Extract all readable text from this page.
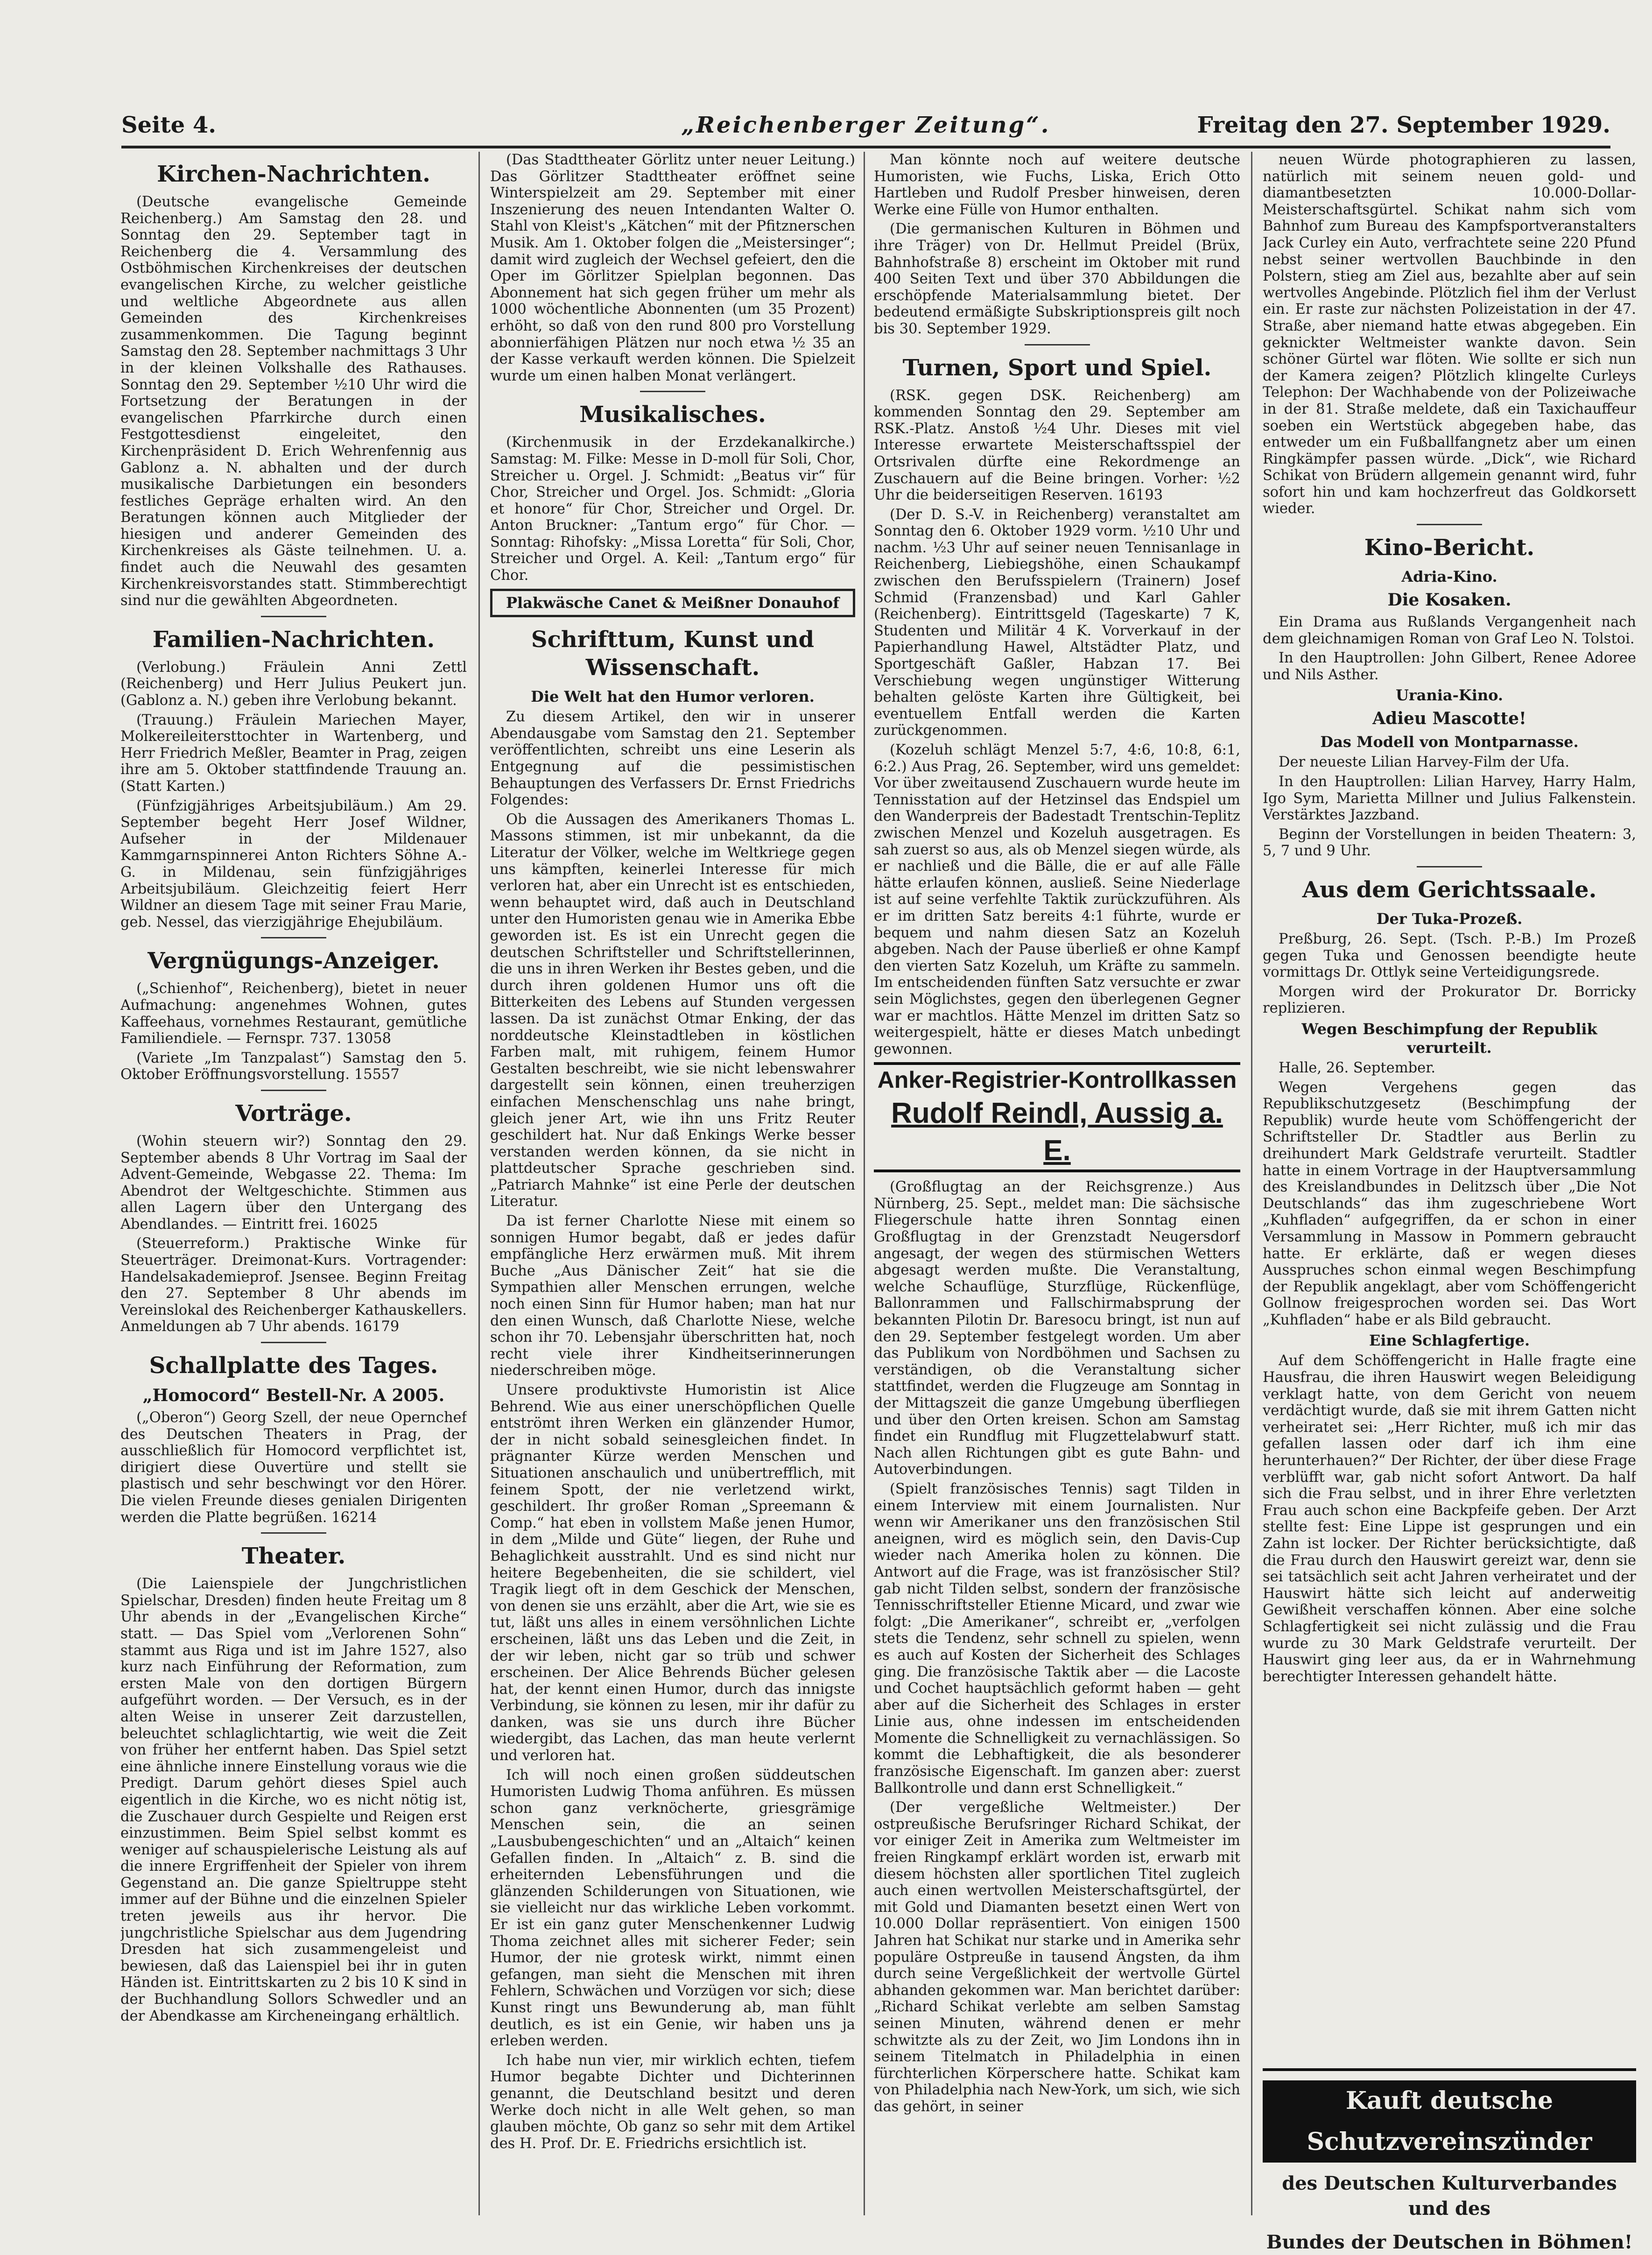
Seite 4.	„Reichenberger Zeitung“.	Freitag den 27. September 1929.
Kirchen-Nachrichten.

(Deutsche evangelische Gemeinde Reichenberg.) Am Samstag den 28. und Sonntag den 29. September tagt in Reichenberg die 4. Versammlung des Ostböhmischen Kirchenkreises der deutschen evangelischen Kirche, zu welcher geistliche und weltliche Abgeordnete aus allen Gemeinden des Kirchenkreises zusammenkommen. Die Tagung beginnt Samstag den 28. September nachmittags 3 Uhr in der kleinen Volkshalle des Rathauses. Sonntag den 29. September ½10 Uhr wird die Fortsetzung der Beratungen in der evangelischen Pfarrkirche durch einen Festgottesdienst eingeleitet, den Kirchenpräsident D. Erich Wehrenfennig aus Gablonz a. N. abhalten und der durch musikalische Darbietungen ein besonders festliches Gepräge erhalten wird. An den Beratungen können auch Mitglieder der hiesigen und anderer Gemeinden des Kirchenkreises als Gäste teilnehmen. U. a. findet auch die Neuwahl des gesamten Kirchenkreisvorstandes statt. Stimmberechtigt sind nur die gewählten Abgeordneten.

Familien-Nachrichten.

(Verlobung.) Fräulein Anni Zettl (Reichenberg) und Herr Julius Peukert jun. (Gablonz a. N.) geben ihre Verlobung bekannt.

(Trauung.) Fräulein Mariechen Mayer, Molkereileitersttochter in Wartenberg, und Herr Friedrich Meßler, Beamter in Prag, zeigen ihre am 5. Oktober stattfindende Trauung an. (Statt Karten.)

(Fünfzigjähriges Arbeitsjubiläum.) Am 29. September begeht Herr Josef Wildner, Aufseher in der Mildenauer Kammgarnspinnerei Anton Richters Söhne A.-G. in Mildenau, sein fünfzigjähriges Arbeitsjubiläum. Gleichzeitig feiert Herr Wildner an diesem Tage mit seiner Frau Marie, geb. Nessel, das vierzigjährige Ehejubiläum.

Vergnügungs-Anzeiger.

(„Schienhof“, Reichenberg), bietet in neuer Aufmachung: angenehmes Wohnen, gutes Kaffeehaus, vornehmes Restaurant, gemütliche Familiendiele. — Fernspr. 737. 13058

(Variete „Im Tanzpalast“) Samstag den 5. Oktober Eröffnungsvorstellung. 15557

Vorträge.

(Wohin steuern wir?) Sonntag den 29. September abends 8 Uhr Vortrag im Saal der Advent-Gemeinde, Webgasse 22. Thema: Im Abendrot der Weltgeschichte. Stimmen aus allen Lagern über den Untergang des Abendlandes. — Eintritt frei. 16025

(Steuerreform.) Praktische Winke für Steuerträger. Dreimonat-Kurs. Vortragender: Handelsakademieprof. Jsensee. Beginn Freitag den 27. September 8 Uhr abends im Vereinslokal des Reichenberger Kathauskellers. Anmeldungen ab 7 Uhr abends. 16179

Schallplatte des Tages.
„Homocord“ Bestell-Nr. A 2005.

(„Oberon“) Georg Szell, der neue Opernchef des Deutschen Theaters in Prag, der ausschließlich für Homocord verpflichtet ist, dirigiert diese Ouvertüre und stellt sie plastisch und sehr beschwingt vor den Hörer. Die vielen Freunde dieses genialen Dirigenten werden die Platte begrüßen. 16214

Theater.

(Die Laienspiele der Jungchristlichen Spielschar, Dresden) finden heute Freitag um 8 Uhr abends in der „Evangelischen Kirche“ statt. — Das Spiel vom „Verlorenen Sohn“ stammt aus Riga und ist im Jahre 1527, also kurz nach Einführung der Reformation, zum ersten Male von den dortigen Bürgern aufgeführt worden. — Der Versuch, es in der alten Weise in unserer Zeit darzustellen, beleuchtet schlaglichtartig, wie weit die Zeit von früher her entfernt haben. Das Spiel setzt eine ähnliche innere Einstellung voraus wie die Predigt. Darum gehört dieses Spiel auch eigentlich in die Kirche, wo es nicht nötig ist, die Zuschauer durch Gespielte und Reigen erst einzustimmen. Beim Spiel selbst kommt es weniger auf schauspielerische Leistung als auf die innere Ergriffenheit der Spieler von ihrem Gegenstand an. Die ganze Spieltruppe steht immer auf der Bühne und die einzelnen Spieler treten jeweils aus ihr hervor. Die jungchristliche Spielschar aus dem Jugendring Dresden hat sich zusammengeleist und bewiesen, daß das Laienspiel bei ihr in guten Händen ist. Eintrittskarten zu 2 bis 10 K sind in der Buchhandlung Sollors Schwedler und an der Abendkasse am Kircheneingang erhältlich.

(Das Stadttheater Görlitz unter neuer Leitung.) Das Görlitzer Stadttheater eröffnet seine Winterspielzeit am 29. September mit einer Inszenierung des neuen Intendanten Walter O. Stahl von Kleist's „Kätchen“ mit der Pfitznerschen Musik. Am 1. Oktober folgen die „Meistersinger“; damit wird zugleich der Wechsel gefeiert, den die Oper im Görlitzer Spielplan begonnen. Das Abonnement hat sich gegen früher um mehr als 1000 wöchentliche Abonnenten (um 35 Prozent) erhöht, so daß von den rund 800 pro Vorstellung abonnierfähigen Plätzen nur noch etwa ½ 35 an der Kasse verkauft werden können. Die Spielzeit wurde um einen halben Monat verlängert.

Musikalisches.

(Kirchenmusik in der Erzdekanalkirche.) Samstag: M. Filke: Messe in D-moll für Soli, Chor, Streicher u. Orgel. J. Schmidt: „Beatus vir“ für Chor, Streicher und Orgel. Jos. Schmidt: „Gloria et honore“ für Chor, Streicher und Orgel. Dr. Anton Bruckner: „Tantum ergo“ für Chor. — Sonntag: Rihofsky: „Missa Loretta“ für Soli, Chor, Streicher und Orgel. A. Keil: „Tantum ergo“ für Chor.

Plakwäsche Canet & Meißner Donauhof
Schrifttum, Kunst und Wissenschaft.
Die Welt hat den Humor verloren.

Zu diesem Artikel, den wir in unserer Abendausgabe vom Samstag den 21. September veröffentlichten, schreibt uns eine Leserin als Entgegnung auf die pessimistischen Behauptungen des Verfassers Dr. Ernst Friedrichs Folgendes:

Ob die Aussagen des Amerikaners Thomas L. Massons stimmen, ist mir unbekannt, da die Literatur der Völker, welche im Weltkriege gegen uns kämpften, keinerlei Interesse für mich verloren hat, aber ein Unrecht ist es entschieden, wenn behauptet wird, daß auch in Deutschland unter den Humoristen genau wie in Amerika Ebbe geworden ist. Es ist ein Unrecht gegen die deutschen Schriftsteller und Schriftstellerinnen, die uns in ihren Werken ihr Bestes geben, und die durch ihren goldenen Humor uns oft die Bitterkeiten des Lebens auf Stunden vergessen lassen. Da ist zunächst Otmar Enking, der das norddeutsche Kleinstadtleben in köstlichen Farben malt, mit ruhigem, feinem Humor Gestalten beschreibt, wie sie nicht lebenswahrer dargestellt sein können, einen treuherzigen einfachen Menschenschlag uns nahe bringt, gleich jener Art, wie ihn uns Fritz Reuter geschildert hat. Nur daß Enkings Werke besser verstanden werden können, da sie nicht in plattdeutscher Sprache geschrieben sind. „Patriarch Mahnke“ ist eine Perle der deutschen Literatur.

Da ist ferner Charlotte Niese mit einem so sonnigen Humor begabt, daß er jedes dafür empfängliche Herz erwärmen muß. Mit ihrem Buche „Aus Dänischer Zeit“ hat sie die Sympathien aller Menschen errungen, welche noch einen Sinn für Humor haben; man hat nur den einen Wunsch, daß Charlotte Niese, welche schon ihr 70. Lebensjahr überschritten hat, noch recht viele ihrer Kindheitserinnerungen niederschreiben möge.

Unsere produktivste Humoristin ist Alice Behrend. Wie aus einer unerschöpflichen Quelle entströmt ihren Werken ein glänzender Humor, der in nicht sobald seinesgleichen findet. In prägnanter Kürze werden Menschen und Situationen anschaulich und unübertrefflich, mit feinem Spott, der nie verletzend wirkt, geschildert. Ihr großer Roman „Spreemann & Comp.“ hat eben in vollstem Maße jenen Humor, in dem „Milde und Güte“ liegen, der Ruhe und Behaglichkeit ausstrahlt. Und es sind nicht nur heitere Begebenheiten, die sie schildert, viel Tragik liegt oft in dem Geschick der Menschen, von denen sie uns erzählt, aber die Art, wie sie es tut, läßt uns alles in einem versöhnlichen Lichte erscheinen, läßt uns das Leben und die Zeit, in der wir leben, nicht gar so trüb und schwer erscheinen. Der Alice Behrends Bücher gelesen hat, der kennt einen Humor, durch das innigste Verbindung, sie können zu lesen, mir ihr dafür zu danken, was sie uns durch ihre Bücher wiedergibt, das Lachen, das man heute verlernt und verloren hat.

Ich will noch einen großen süddeutschen Humoristen Ludwig Thoma anführen. Es müssen schon ganz verknöcherte, griesgrämige Menschen sein, die an seinen „Lausbubengeschichten“ und an „Altaich“ keinen Gefallen finden. In „Altaich“ z. B. sind die erheiternden Lebensführungen und die glänzenden Schilderungen von Situationen, wie sie vielleicht nur das wirkliche Leben vorkommt. Er ist ein ganz guter Menschenkenner Ludwig Thoma zeichnet alles mit sicherer Feder; sein Humor, der nie grotesk wirkt, nimmt einen gefangen, man sieht die Menschen mit ihren Fehlern, Schwächen und Vorzügen vor sich; diese Kunst ringt uns Bewunderung ab, man fühlt deutlich, es ist ein Genie, wir haben uns ja erleben werden.

Ich habe nun vier, mir wirklich echten, tiefem Humor begabte Dichter und Dichterinnen genannt, die Deutschland besitzt und deren Werke doch nicht in alle Welt gehen, so man glauben möchte, Ob ganz so sehr mit dem Artikel des H. Prof. Dr. E. Friedrichs ersichtlich ist.

Man könnte noch auf weitere deutsche Humoristen, wie Fuchs, Liska, Erich Otto Hartleben und Rudolf Presber hinweisen, deren Werke eine Fülle von Humor enthalten.

(Die germanischen Kulturen in Böhmen und ihre Träger) von Dr. Hellmut Preidel (Brüx, Bahnhofstraße 8) erscheint im Oktober mit rund 400 Seiten Text und über 370 Abbildungen die erschöpfende Materialsammlung bietet. Der bedeutend ermäßigte Subskriptionspreis gilt noch bis 30. September 1929.

Turnen, Sport und Spiel.

(RSK. gegen DSK. Reichenberg) am kommenden Sonntag den 29. September am RSK.-Platz. Anstoß ½4 Uhr. Dieses mit viel Interesse erwartete Meisterschaftsspiel der Ortsrivalen dürfte eine Rekordmenge an Zuschauern auf die Beine bringen. Vorher: ½2 Uhr die beiderseitigen Reserven. 16193

(Der D. S.-V. in Reichenberg) veranstaltet am Sonntag den 6. Oktober 1929 vorm. ½10 Uhr und nachm. ½3 Uhr auf seiner neuen Tennisanlage in Reichenberg, Liebiegshöhe, einen Schaukampf zwischen den Berufsspielern (Trainern) Josef Schmid (Franzensbad) und Karl Gahler (Reichenberg). Eintrittsgeld (Tageskarte) 7 K, Studenten und Militär 4 K. Vorverkauf in der Papierhandlung Hawel, Altstädter Platz, und Sportgeschäft Gaßler, Habzan 17. Bei Verschiebung wegen ungünstiger Witterung behalten gelöste Karten ihre Gültigkeit, bei eventuellem Entfall werden die Karten zurückgenommen.

(Kozeluh schlägt Menzel 5:7, 4:6, 10:8, 6:1, 6:2.) Aus Prag, 26. September, wird uns gemeldet: Vor über zweitausend Zuschauern wurde heute im Tennisstation auf der Hetzinsel das Endspiel um den Wanderpreis der Badestadt Trentschin-Teplitz zwischen Menzel und Kozeluh ausgetragen. Es sah zuerst so aus, als ob Menzel siegen würde, als er nachließ und die Bälle, die er auf alle Fälle hätte erlaufen können, ausließ. Seine Niederlage ist auf seine verfehlte Taktik zurückzuführen. Als er im dritten Satz bereits 4:1 führte, wurde er bequem und nahm diesen Satz an Kozeluh abgeben. Nach der Pause überließ er ohne Kampf den vierten Satz Kozeluh, um Kräfte zu sammeln. Im entscheidenden fünften Satz versuchte er zwar sein Möglichstes, gegen den überlegenen Gegner war er machtlos. Hätte Menzel im dritten Satz so weitergespielt, hätte er dieses Match unbedingt gewonnen.

Anker-Registrier-Kontrollkassen
Rudolf Reindl, Aussig a. E.

(Großflugtag an der Reichsgrenze.) Aus Nürnberg, 25. Sept., meldet man: Die sächsische Fliegerschule hatte ihren Sonntag einen Großflugtag in der Grenzstadt Neugersdorf angesagt, der wegen des stürmischen Wetters abgesagt werden mußte. Die Veranstaltung, welche Schauflüge, Sturzflüge, Rückenflüge, Ballonrammen und Fallschirmabsprung der bekannten Pilotin Dr. Baresocu bringt, ist nun auf den 29. September festgelegt worden. Um aber das Publikum von Nordböhmen und Sachsen zu verständigen, ob die Veranstaltung sicher stattfindet, werden die Flugzeuge am Sonntag in der Mittagszeit die ganze Umgebung überfliegen und über den Orten kreisen. Schon am Samstag findet ein Rundflug mit Flugzettelabwurf statt. Nach allen Richtungen gibt es gute Bahn- und Autoverbindungen.

(Spielt französisches Tennis) sagt Tilden in einem Interview mit einem Journalisten. Nur wenn wir Amerikaner uns den französischen Stil aneignen, wird es möglich sein, den Davis-Cup wieder nach Amerika holen zu können. Die Antwort auf die Frage, was ist französischer Stil? gab nicht Tilden selbst, sondern der französische Tennisschriftsteller Etienne Micard, und zwar wie folgt: „Die Amerikaner“, schreibt er, „verfolgen stets die Tendenz, sehr schnell zu spielen, wenn es auch auf Kosten der Sicherheit des Schlages ging. Die französische Taktik aber — die Lacoste und Cochet hauptsächlich geformt haben — geht aber auf die Sicherheit des Schlages in erster Linie aus, ohne indessen im entscheidenden Momente die Schnelligkeit zu vernachlässigen. So kommt die Lebhaftigkeit, die als besonderer französische Eigenschaft. Im ganzen aber: zuerst Ballkontrolle und dann erst Schnelligkeit.“

(Der vergeßliche Weltmeister.) Der ostpreußische Berufsringer Richard Schikat, der vor einiger Zeit in Amerika zum Weltmeister im freien Ringkampf erklärt worden ist, erwarb mit diesem höchsten aller sportlichen Titel zugleich auch einen wertvollen Meisterschaftsgürtel, der mit Gold und Diamanten besetzt einen Wert von 10.000 Dollar repräsentiert. Von einigen 1500 Jahren hat Schikat nur starke und in Amerika sehr populäre Ostpreuße in tausend Ängsten, da ihm durch seine Vergeßlichkeit der wertvolle Gürtel abhanden gekommen war. Man berichtet darüber: „Richard Schikat verlebte am selben Samstag seinen Minuten, während denen er mehr schwitzte als zu der Zeit, wo Jim Londons ihn in seinem Titelmatch in Philadelphia in einen fürchterlichen Körperschere hatte. Schikat kam von Philadelphia nach New-York, um sich, wie sich das gehört, in seiner

neuen Würde photographieren zu lassen, natürlich mit seinem neuen gold- und diamantbesetzten 10.000-Dollar-Meisterschaftsgürtel. Schikat nahm sich vom Bahnhof zum Bureau des Kampfsportveranstalters Jack Curley ein Auto, verfrachtete seine 220 Pfund nebst seiner wertvollen Bauchbinde in den Polstern, stieg am Ziel aus, bezahlte aber auf sein wertvolles Angebinde. Plötzlich fiel ihm der Verlust ein. Er raste zur nächsten Polizeistation in der 47. Straße, aber niemand hatte etwas abgegeben. Ein geknickter Weltmeister wankte davon. Sein schöner Gürtel war flöten. Wie sollte er sich nun der Kamera zeigen? Plötzlich klingelte Curleys Telephon: Der Wachhabende von der Polizeiwache in der 81. Straße meldete, daß ein Taxichauffeur soeben ein Wertstück abgegeben habe, das entweder um ein Fußballfangnetz aber um einen Ringkämpfer passen würde. „Dick“, wie Richard Schikat von Brüdern allgemein genannt wird, fuhr sofort hin und kam hochzerfreut das Goldkorsett wieder.

Kino-Bericht.
Adria-Kino.
Die Kosaken.

Ein Drama aus Rußlands Vergangenheit nach dem gleichnamigen Roman von Graf Leo N. Tolstoi.

In den Hauptrollen: John Gilbert, Renee Adoree und Nils Asther.

Urania-Kino.
Adieu Mascotte!
Das Modell von Montparnasse.

Der neueste Lilian Harvey-Film der Ufa.

In den Hauptrollen: Lilian Harvey, Harry Halm, Igo Sym, Marietta Millner und Julius Falkenstein. Verstärktes Jazzband.

Beginn der Vorstellungen in beiden Theatern: 3, 5, 7 und 9 Uhr.

Aus dem Gerichtssaale.
Der Tuka-Prozeß.

Preßburg, 26. Sept. (Tsch. P.-B.) Im Prozeß gegen Tuka und Genossen beendigte heute vormittags Dr. Ottlyk seine Verteidigungsrede.

Morgen wird der Prokurator Dr. Borricky replizieren.

Wegen Beschimpfung der Republik verurteilt.

Halle, 26. September.

Wegen Vergehens gegen das Republikschutzgesetz (Beschimpfung der Republik) wurde heute vom Schöffengericht der Schriftsteller Dr. Stadtler aus Berlin zu dreihundert Mark Geldstrafe verurteilt. Stadtler hatte in einem Vortrage in der Hauptversammlung des Kreislandbundes in Delitzsch über „Die Not Deutschlands“ das ihm zugeschriebene Wort „Kuhfladen“ aufgegriffen, da er schon in einer Versammlung in Massow in Pommern gebraucht hatte. Er erklärte, daß er wegen dieses Ausspruches schon einmal wegen Beschimpfung der Republik angeklagt, aber vom Schöffengericht Gollnow freigesprochen worden sei. Das Wort „Kuhfladen“ habe er als Bild gebraucht.

Eine Schlagfertige.

Auf dem Schöffengericht in Halle fragte eine Hausfrau, die ihren Hauswirt wegen Beleidigung verklagt hatte, von dem Gericht von neuem verdächtigt wurde, daß sie mit ihrem Gatten nicht verheiratet sei: „Herr Richter, muß ich mir das gefallen lassen oder darf ich ihm eine herunterhauen?“ Der Richter, der über diese Frage verblüfft war, gab nicht sofort Antwort. Da half sich die Frau selbst, und in ihrer Ehre verletzten Frau auch schon eine Backpfeife geben. Der Arzt stellte fest: Eine Lippe ist gesprungen und ein Zahn ist locker. Der Richter berücksichtigte, daß die Frau durch den Hauswirt gereizt war, denn sie sei tatsächlich seit acht Jahren verheiratet und der Hauswirt hätte sich leicht auf anderweitig Gewißheit verschaffen können. Aber eine solche Schlagfertigkeit sei nicht zulässig und die Frau wurde zu 30 Mark Geldstrafe verurteilt. Der Hauswirt ging leer aus, da er in Wahrnehmung berechtigter Interessen gehandelt hätte.

Kauft deutsche Schutzvereinszünder
des Deutschen Kulturverbandes und des
Bundes der Deutschen in Böhmen!
